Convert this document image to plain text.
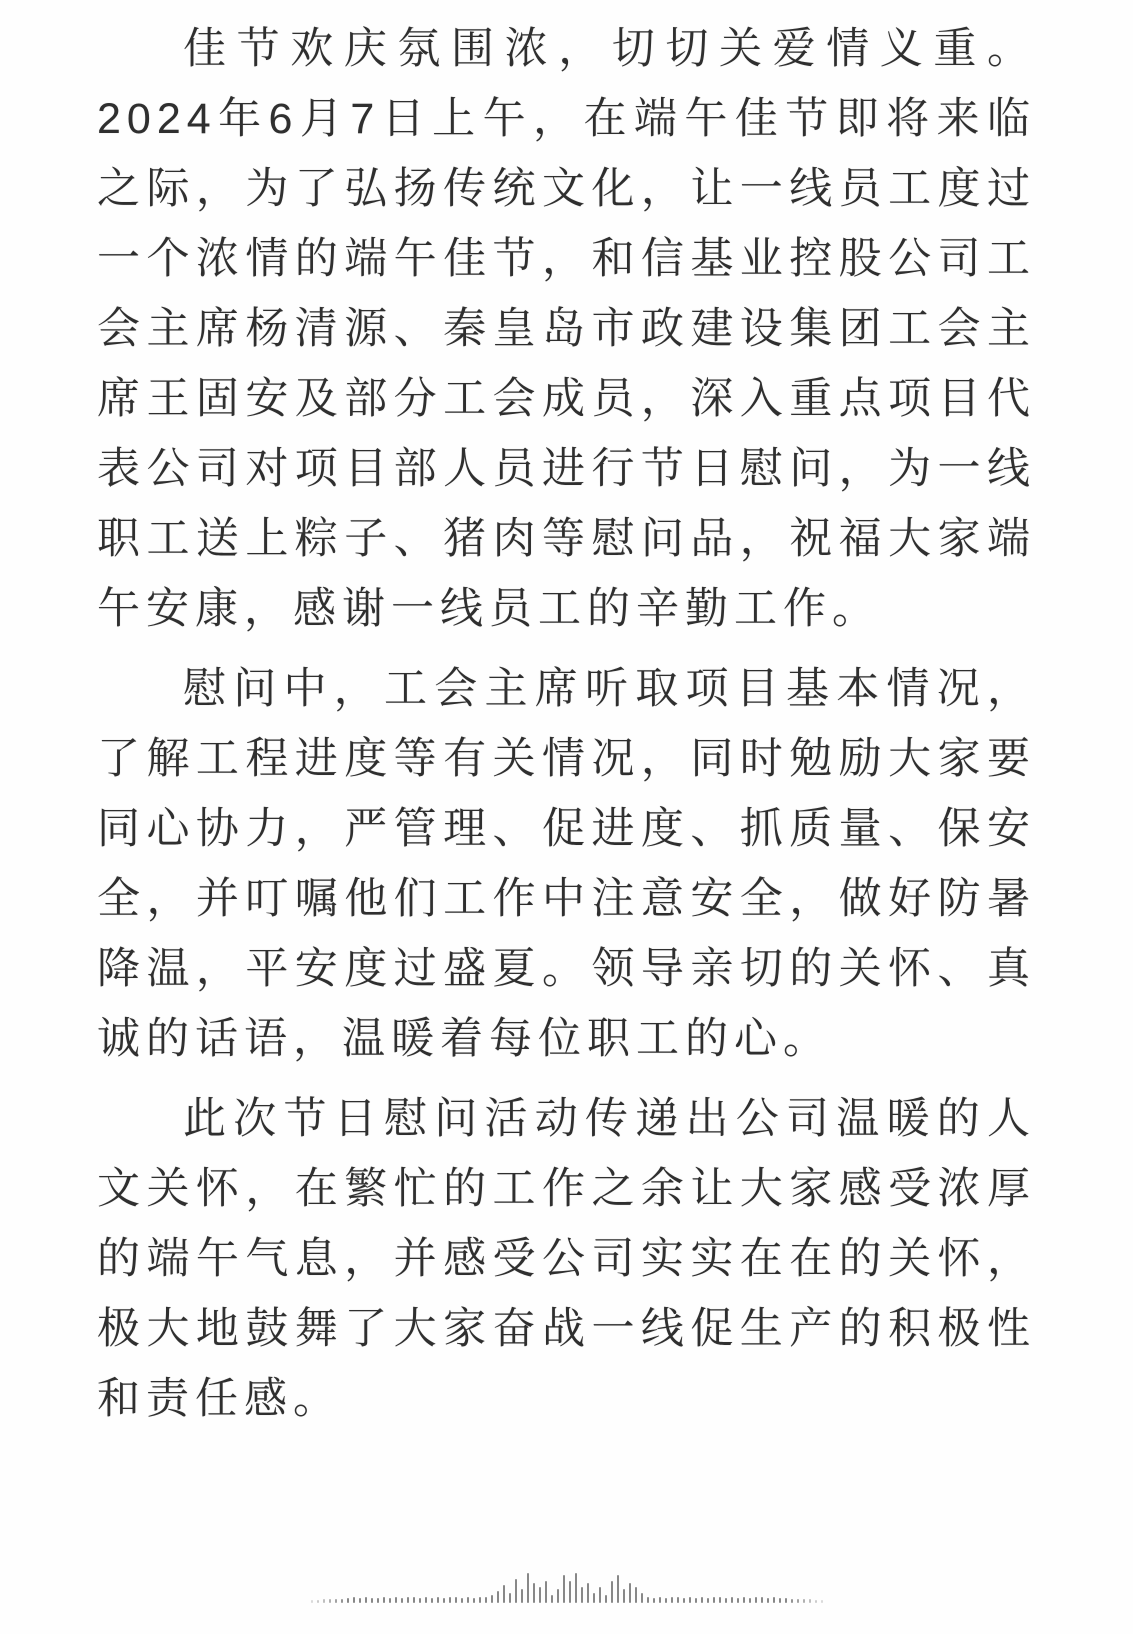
佳节欢庆氛围浓，切切关爱情义重。2024年6月7日上午，在端午佳节即将来临之际，为了弘扬传统文化，让一线员工度过一个浓情的端午佳节，和信基业控股公司工会主席杨清源、秦皇岛市政建设集团工会主席王固安及部分工会成员，深入重点项目代表公司对项目部人员进行节日慰问，为一线职工送上粽子、猪肉等慰问品，祝福大家端午安康，感谢一线员工的辛勤工作。

慰问中，工会主席听取项目基本情况，了解工程进度等有关情况，同时勉励大家要同心协力，严管理、促进度、抓质量、保安全，并叮嘱他们工作中注意安全，做好防暑降温，平安度过盛夏。领导亲切的关怀、真诚的话语，温暖着每位职工的心。

此次节日慰问活动传递出公司温暖的人文关怀，在繁忙的工作之余让大家感受浓厚的端午气息，并感受公司实实在在的关怀，极大地鼓舞了大家奋战一线促生产的积极性和责任感。
